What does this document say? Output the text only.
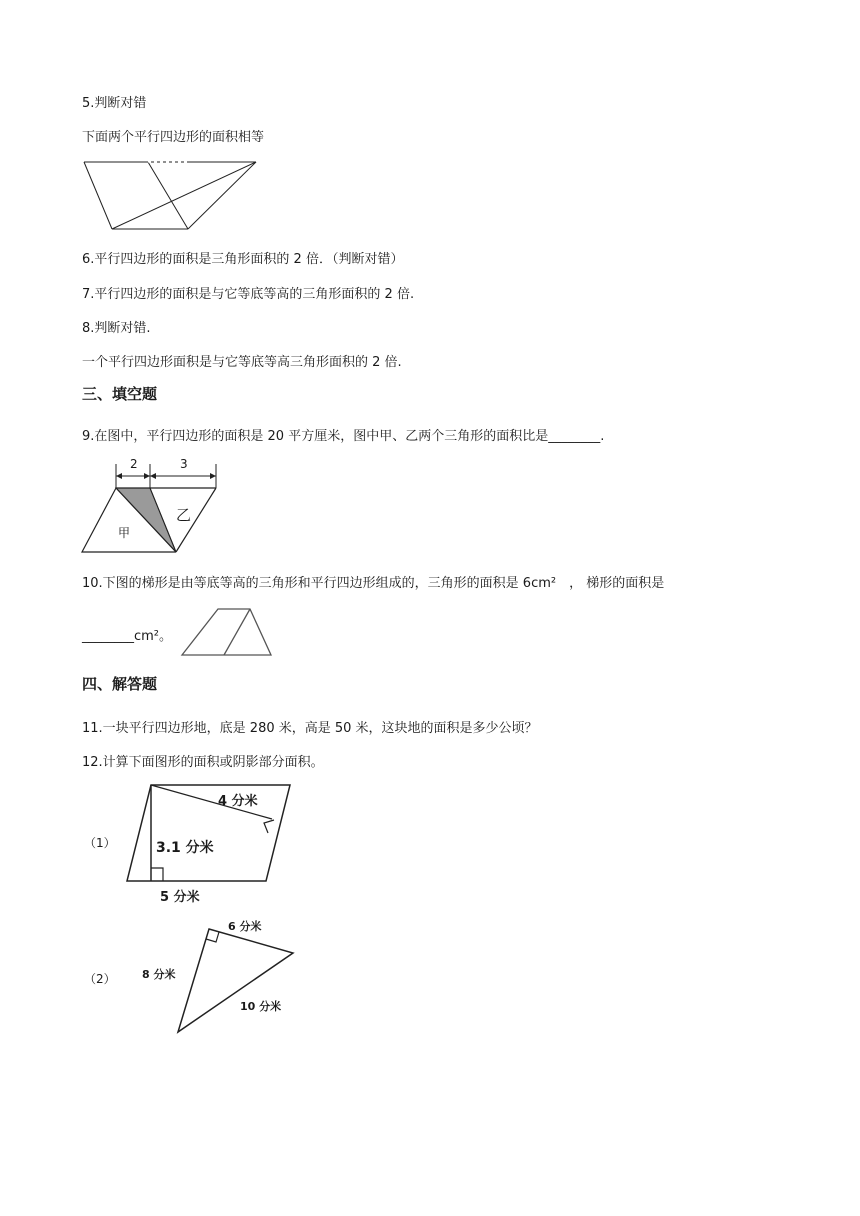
5.判断对错
下面两个平行四边形的面积相等
6.平行四边形的面积是三角形面积的 2 倍．（判断对错）
7.平行四边形的面积是与它等底等高的三角形面积的 2 倍.
8.判断对错.
一个平行四边形面积是与它等底等高三角形面积的 2 倍.
三、填空题
9.在图中，平行四边形的面积是 20 平方厘米，图中甲、乙两个三角形的面积比是________.
2	3
甲
乙
10.下图的梯形是由等底等高的三角形和平行四边形组成的，三角形的面积是 6cm²　， 梯形的面积是
________cm²。
四、解答题
11.一块平行四边形地，底是 280 米，高是 50 米，这块地的面积是多少公顷？
12.计算下面图形的面积或阴影部分面积。
（1）
4 分米
3.1 分米
5 分米
（2）
6 分米
8 分米
10 分米
